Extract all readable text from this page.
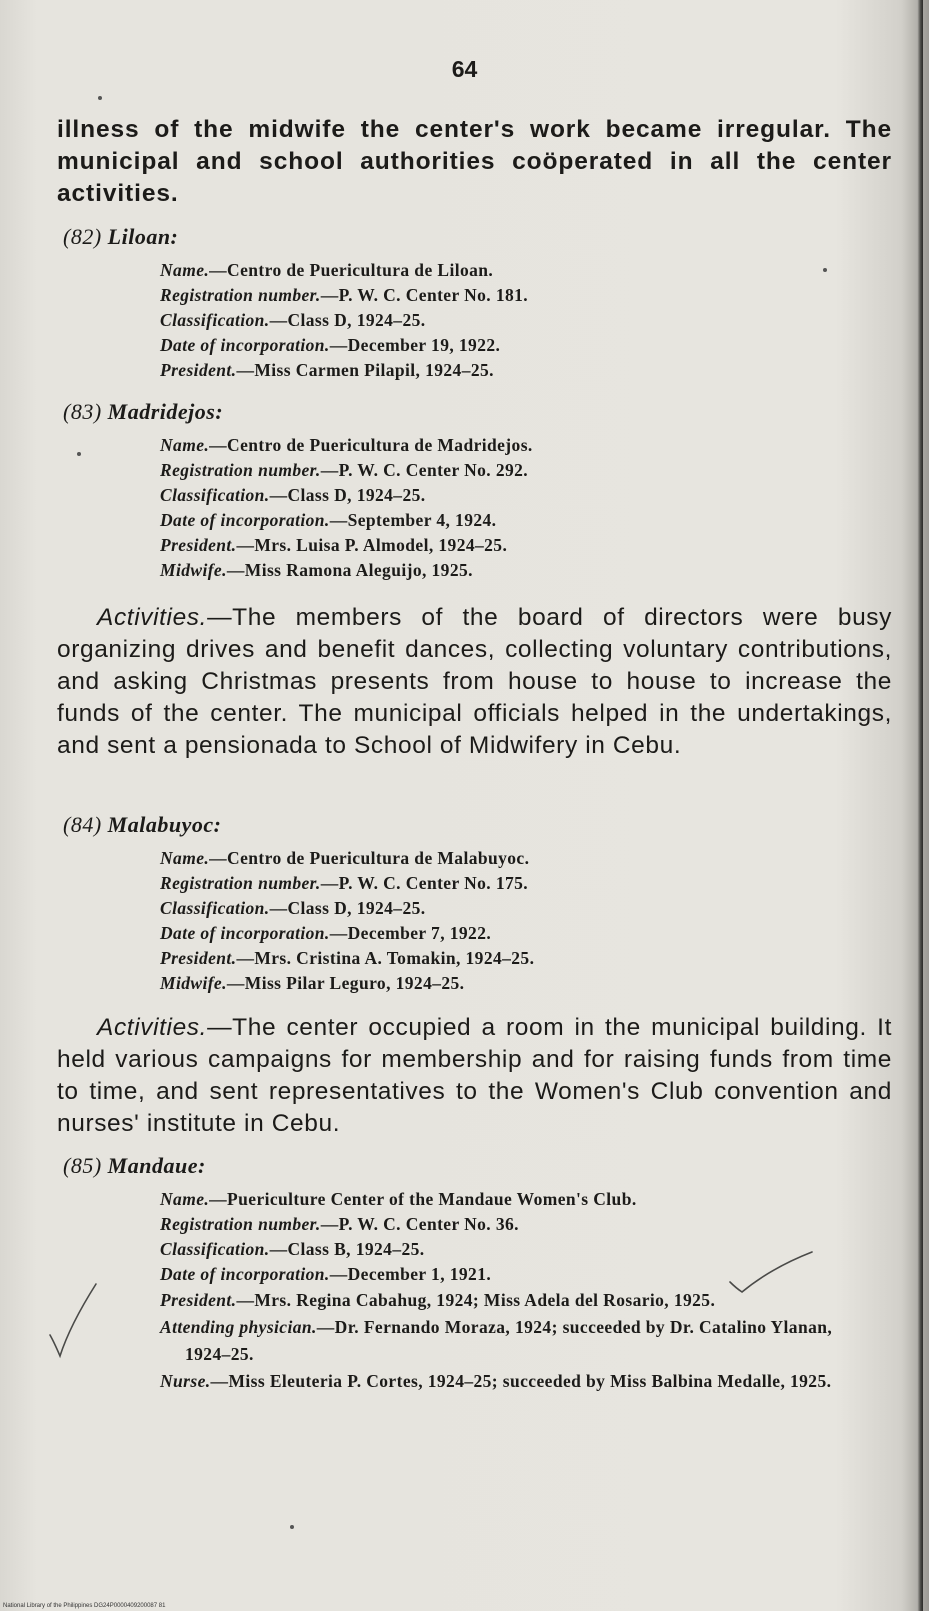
64

illness of the midwife the center's work became irregular. The municipal and school authorities coöperated in all the center activities.

(82) Liloan:
Name.—Centro de Puericultura de Liloan.
Registration number.—P. W. C. Center No. 181.
Classification.—Class D, 1924–25.
Date of incorporation.—December 19, 1922.
President.—Miss Carmen Pilapil, 1924–25.
(83) Madridejos:
Name.—Centro de Puericultura de Madridejos.
Registration number.—P. W. C. Center No. 292.
Classification.—Class D, 1924–25.
Date of incorporation.—September 4, 1924.
President.—Mrs. Luisa P. Almodel, 1924–25.
Midwife.—Miss Ramona Aleguijo, 1925.

Activities.—The members of the board of directors were busy organizing drives and benefit dances, collecting voluntary contributions, and asking Christmas presents from house to house to increase the funds of the center. The municipal officials helped in the undertakings, and sent a pensionada to School of Midwifery in Cebu.

(84) Malabuyoc:
Name.—Centro de Puericultura de Malabuyoc.
Registration number.—P. W. C. Center No. 175.
Classification.—Class D, 1924–25.
Date of incorporation.—December 7, 1922.
President.—Mrs. Cristina A. Tomakin, 1924–25.
Midwife.—Miss Pilar Leguro, 1924–25.

Activities.—The center occupied a room in the municipal building. It held various campaigns for membership and for raising funds from time to time, and sent representatives to the Women's Club convention and nurses' institute in Cebu.

(85) Mandaue:
Name.—Puericulture Center of the Mandaue Women's Club.
Registration number.—P. W. C. Center No. 36.
Classification.—Class B, 1924–25.
Date of incorporation.—December 1, 1921.
President.—Mrs. Regina Cabahug, 1924; Miss Adela del Rosario, 1925.
Attending physician.—Dr. Fernando Moraza, 1924; succeeded by Dr. Catalino Ylanan, 1924–25.
Nurse.—Miss Eleuteria P. Cortes, 1924–25; succeeded by Miss Balbina Medalle, 1925.
National Library of the Philippines DG24P0000409200087 81
